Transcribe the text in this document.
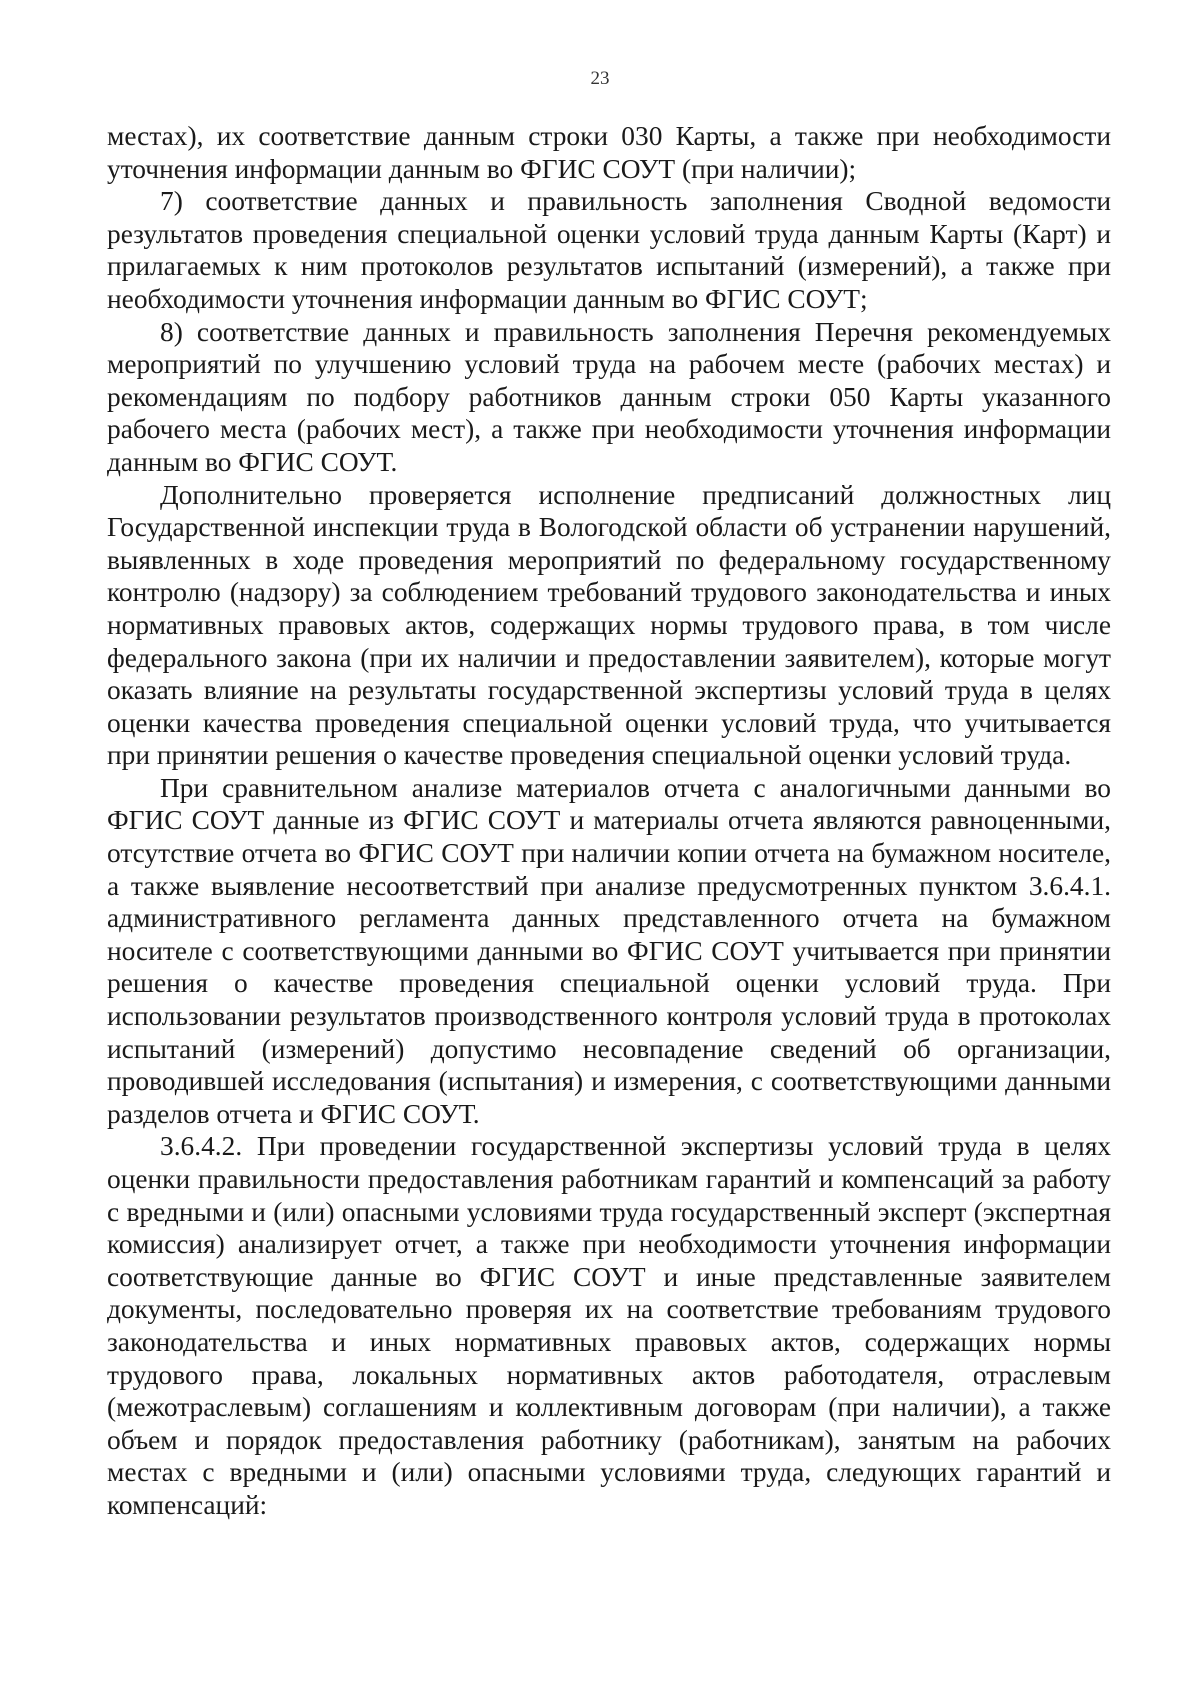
23

местах), их соответствие данным строки 030 Карты, а также при необходимости уточнения информации данным во ФГИС СОУТ (при наличии);

7) соответствие данных и правильность заполнения Сводной ведомости результатов проведения специальной оценки условий труда данным Карты (Карт) и прилагаемых к ним протоколов результатов испытаний (измерений), а также при необходимости уточнения информации данным во ФГИС СОУТ;

8) соответствие данных и правильность заполнения Перечня рекомендуемых мероприятий по улучшению условий труда на рабочем месте (рабочих местах) и рекомендациям по подбору работников данным строки 050 Карты указанного рабочего места (рабочих мест), а также при необходимости уточнения информации данным во ФГИС СОУТ.

Дополнительно проверяется исполнение предписаний должностных лиц Государственной инспекции труда в Вологодской области об устранении нарушений, выявленных в ходе проведения мероприятий по федеральному государственному контролю (надзору) за соблюдением требований трудового законодательства и иных нормативных правовых актов, содержащих нормы трудового права, в том числе федерального закона (при их наличии и предоставлении заявителем), которые могут оказать влияние на результаты государственной экспертизы условий труда в целях оценки качества проведения специальной оценки условий труда, что учитывается при принятии решения о качестве проведения специальной оценки условий труда.

При сравнительном анализе материалов отчета с аналогичными данными во ФГИС СОУТ данные из ФГИС СОУТ и материалы отчета являются равноценными, отсутствие отчета во ФГИС СОУТ при наличии копии отчета на бумажном носителе, а также выявление несоответствий при анализе предусмотренных пунктом 3.6.4.1. административного регламента данных представленного отчета на бумажном носителе с соответствующими данными во ФГИС СОУТ учитывается при принятии решения о качестве проведения специальной оценки условий труда. При использовании результатов производственного контроля условий труда в протоколах испытаний (измерений) допустимо несовпадение сведений об организации, проводившей исследования (испытания) и измерения, с соответствующими данными разделов отчета и ФГИС СОУТ.

3.6.4.2. При проведении государственной экспертизы условий труда в целях оценки правильности предоставления работникам гарантий и компенсаций за работу с вредными и (или) опасными условиями труда государственный эксперт (экспертная комиссия) анализирует отчет, а также при необходимости уточнения информации соответствующие данные во ФГИС СОУТ и иные представленные заявителем документы, последовательно проверяя их на соответствие требованиям трудового законодательства и иных нормативных правовых актов, содержащих нормы трудового права, локальных нормативных актов работодателя, отраслевым (межотраслевым) соглашениям и коллективным договорам (при наличии), а также объем и порядок предоставления работнику (работникам), занятым на рабочих местах с вредными и (или) опасными условиями труда, следующих гарантий и компенсаций:
